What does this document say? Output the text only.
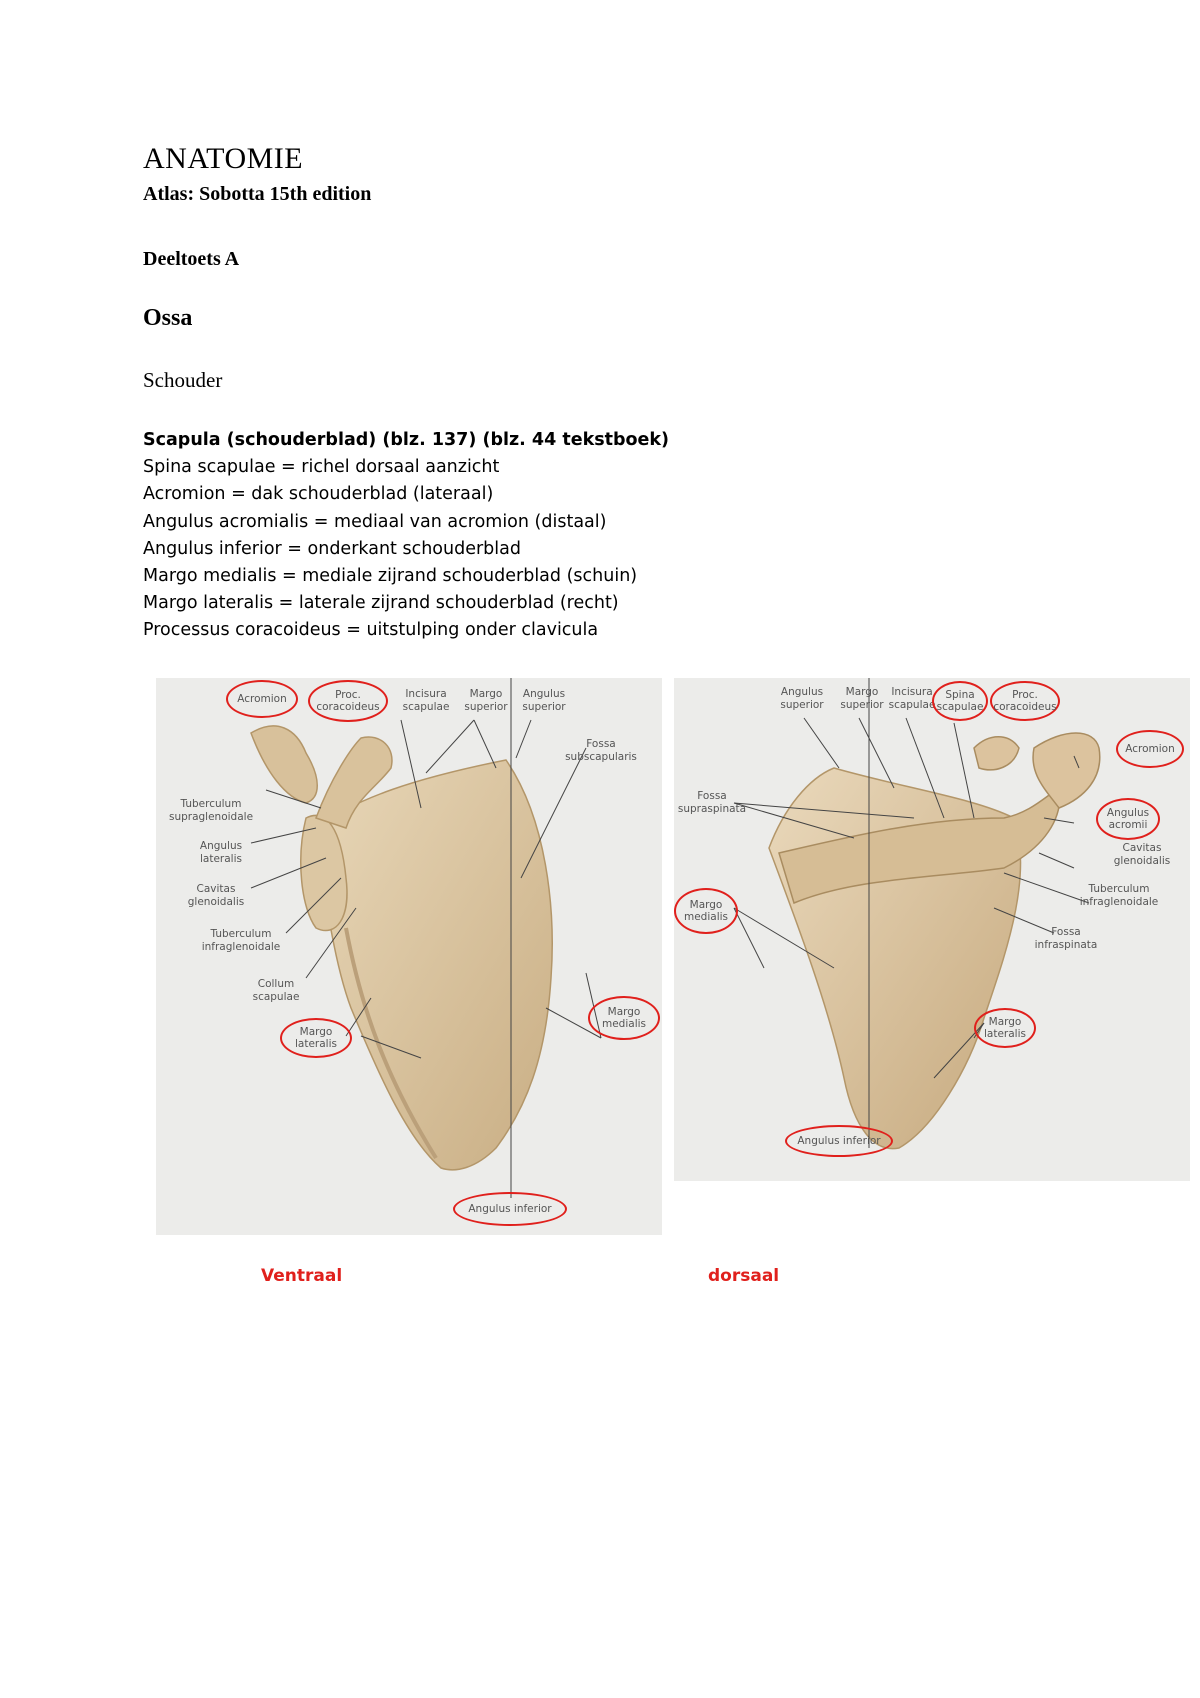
ANATOMIE
Atlas: Sobotta 15th edition
Deeltoets A
Ossa
Schouder
Scapula (schouderblad) (blz. 137) (blz. 44 tekstboek)
Spina scapulae = richel dorsaal aanzicht
Acromion = dak schouderblad (lateraal)
Angulus acromialis = mediaal van acromion (distaal)
Angulus inferior = onderkant schouderblad
Margo medialis = mediale zijrand schouderblad (schuin)
Margo lateralis = laterale zijrand schouderblad (recht)
Processus coracoideus = uitstulping onder clavicula
Acromion	Proc. coracoideus
Incisura scapulae
Margo superior
Angulus superior
Fossa subscapularis
Tuberculum supraglenoidale
Angulus lateralis
Cavitas glenoidalis
Tuberculum infraglenoidale
Collum scapulae
Margo lateralis
Margo medialis
Angulus inferior
Angulus superior
Margo superior
Incisura scapulae
Spina scapulae
Proc. coracoideus
Acromion
Fossa supraspinata	Angulus acromii
Cavitas glenoidalis
Tuberculum infraglenoidale
Margo medialis
Fossa infraspinata
Margo lateralis
Angulus inferior
Ventraal	dorsaal
